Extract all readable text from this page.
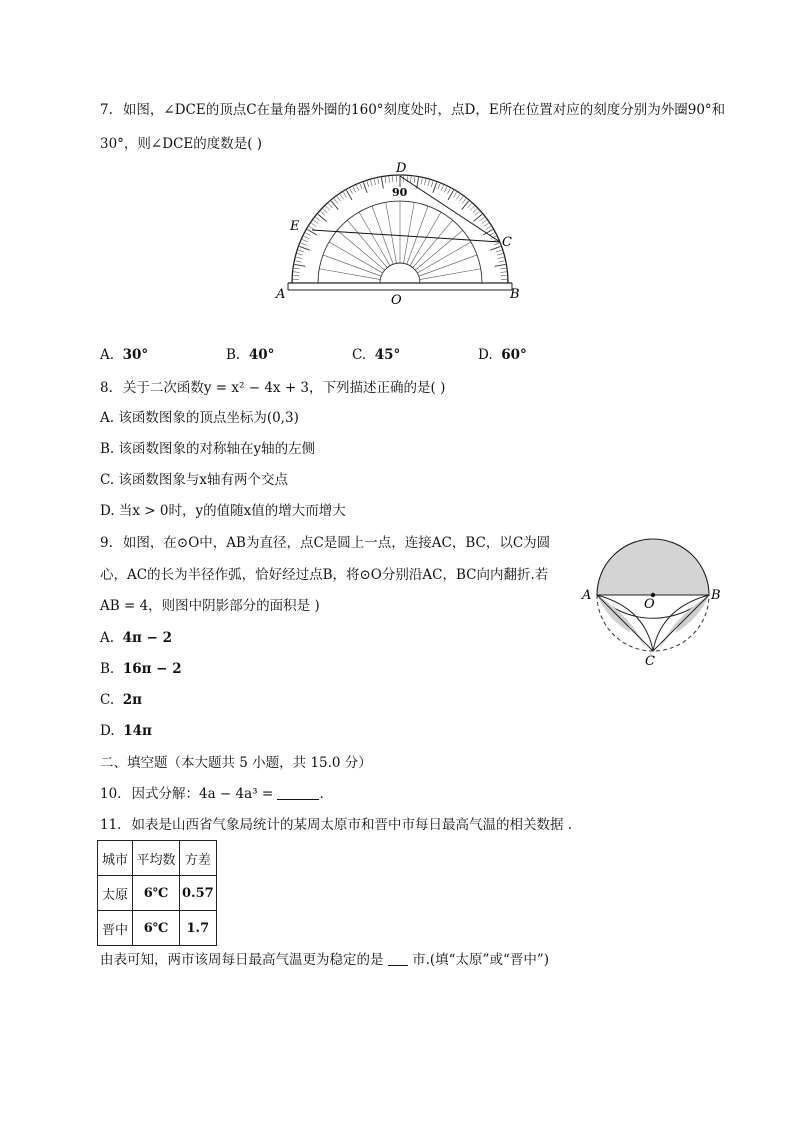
7. 如图，∠DCE的顶点C在量角器外圈的160°刻度处时，点D，E所在位置对应的刻度分别为外圈90°和
30°，则∠DCE的度数是( )
D
E
C
A	B
O
90
A. 30°	B. 40°	C. 45°	D. 60°
8. 关于二次函数y = x² − 4x + 3，下列描述正确的是( )
A. 该函数图象的顶点坐标为(0,3)
B. 该函数图象的对称轴在y轴的左侧
C. 该函数图象与x轴有两个交点
D. 当x > 0时，y的值随x值的增大而增大
9. 如图，在⊙O中，AB为直径，点C是圆上一点，连接AC，BC，以C为圆
心，AC的长为半径作弧，恰好经过点B，将⊙O分别沿AC，BC向内翻折.若
AB = 4，则图中阴影部分的面积是 )
A	B
O
C
A. 4π − 2
B. 16π − 2
C. 2π
D. 14π
二、填空题（本大题共 5 小题，共 15.0 分）
10. 因式分解：4a − 4a³ =	.
11. 如表是山西省气象局统计的某周太原市和晋中市每日最高气温的相关数据 .
城市	平均数	方差
太原	6℃	0.57
晋中	6℃	1.7
由表可知，两市该周每日最高气温更为稳定的是 市.(填“太原”或“晋中”)
